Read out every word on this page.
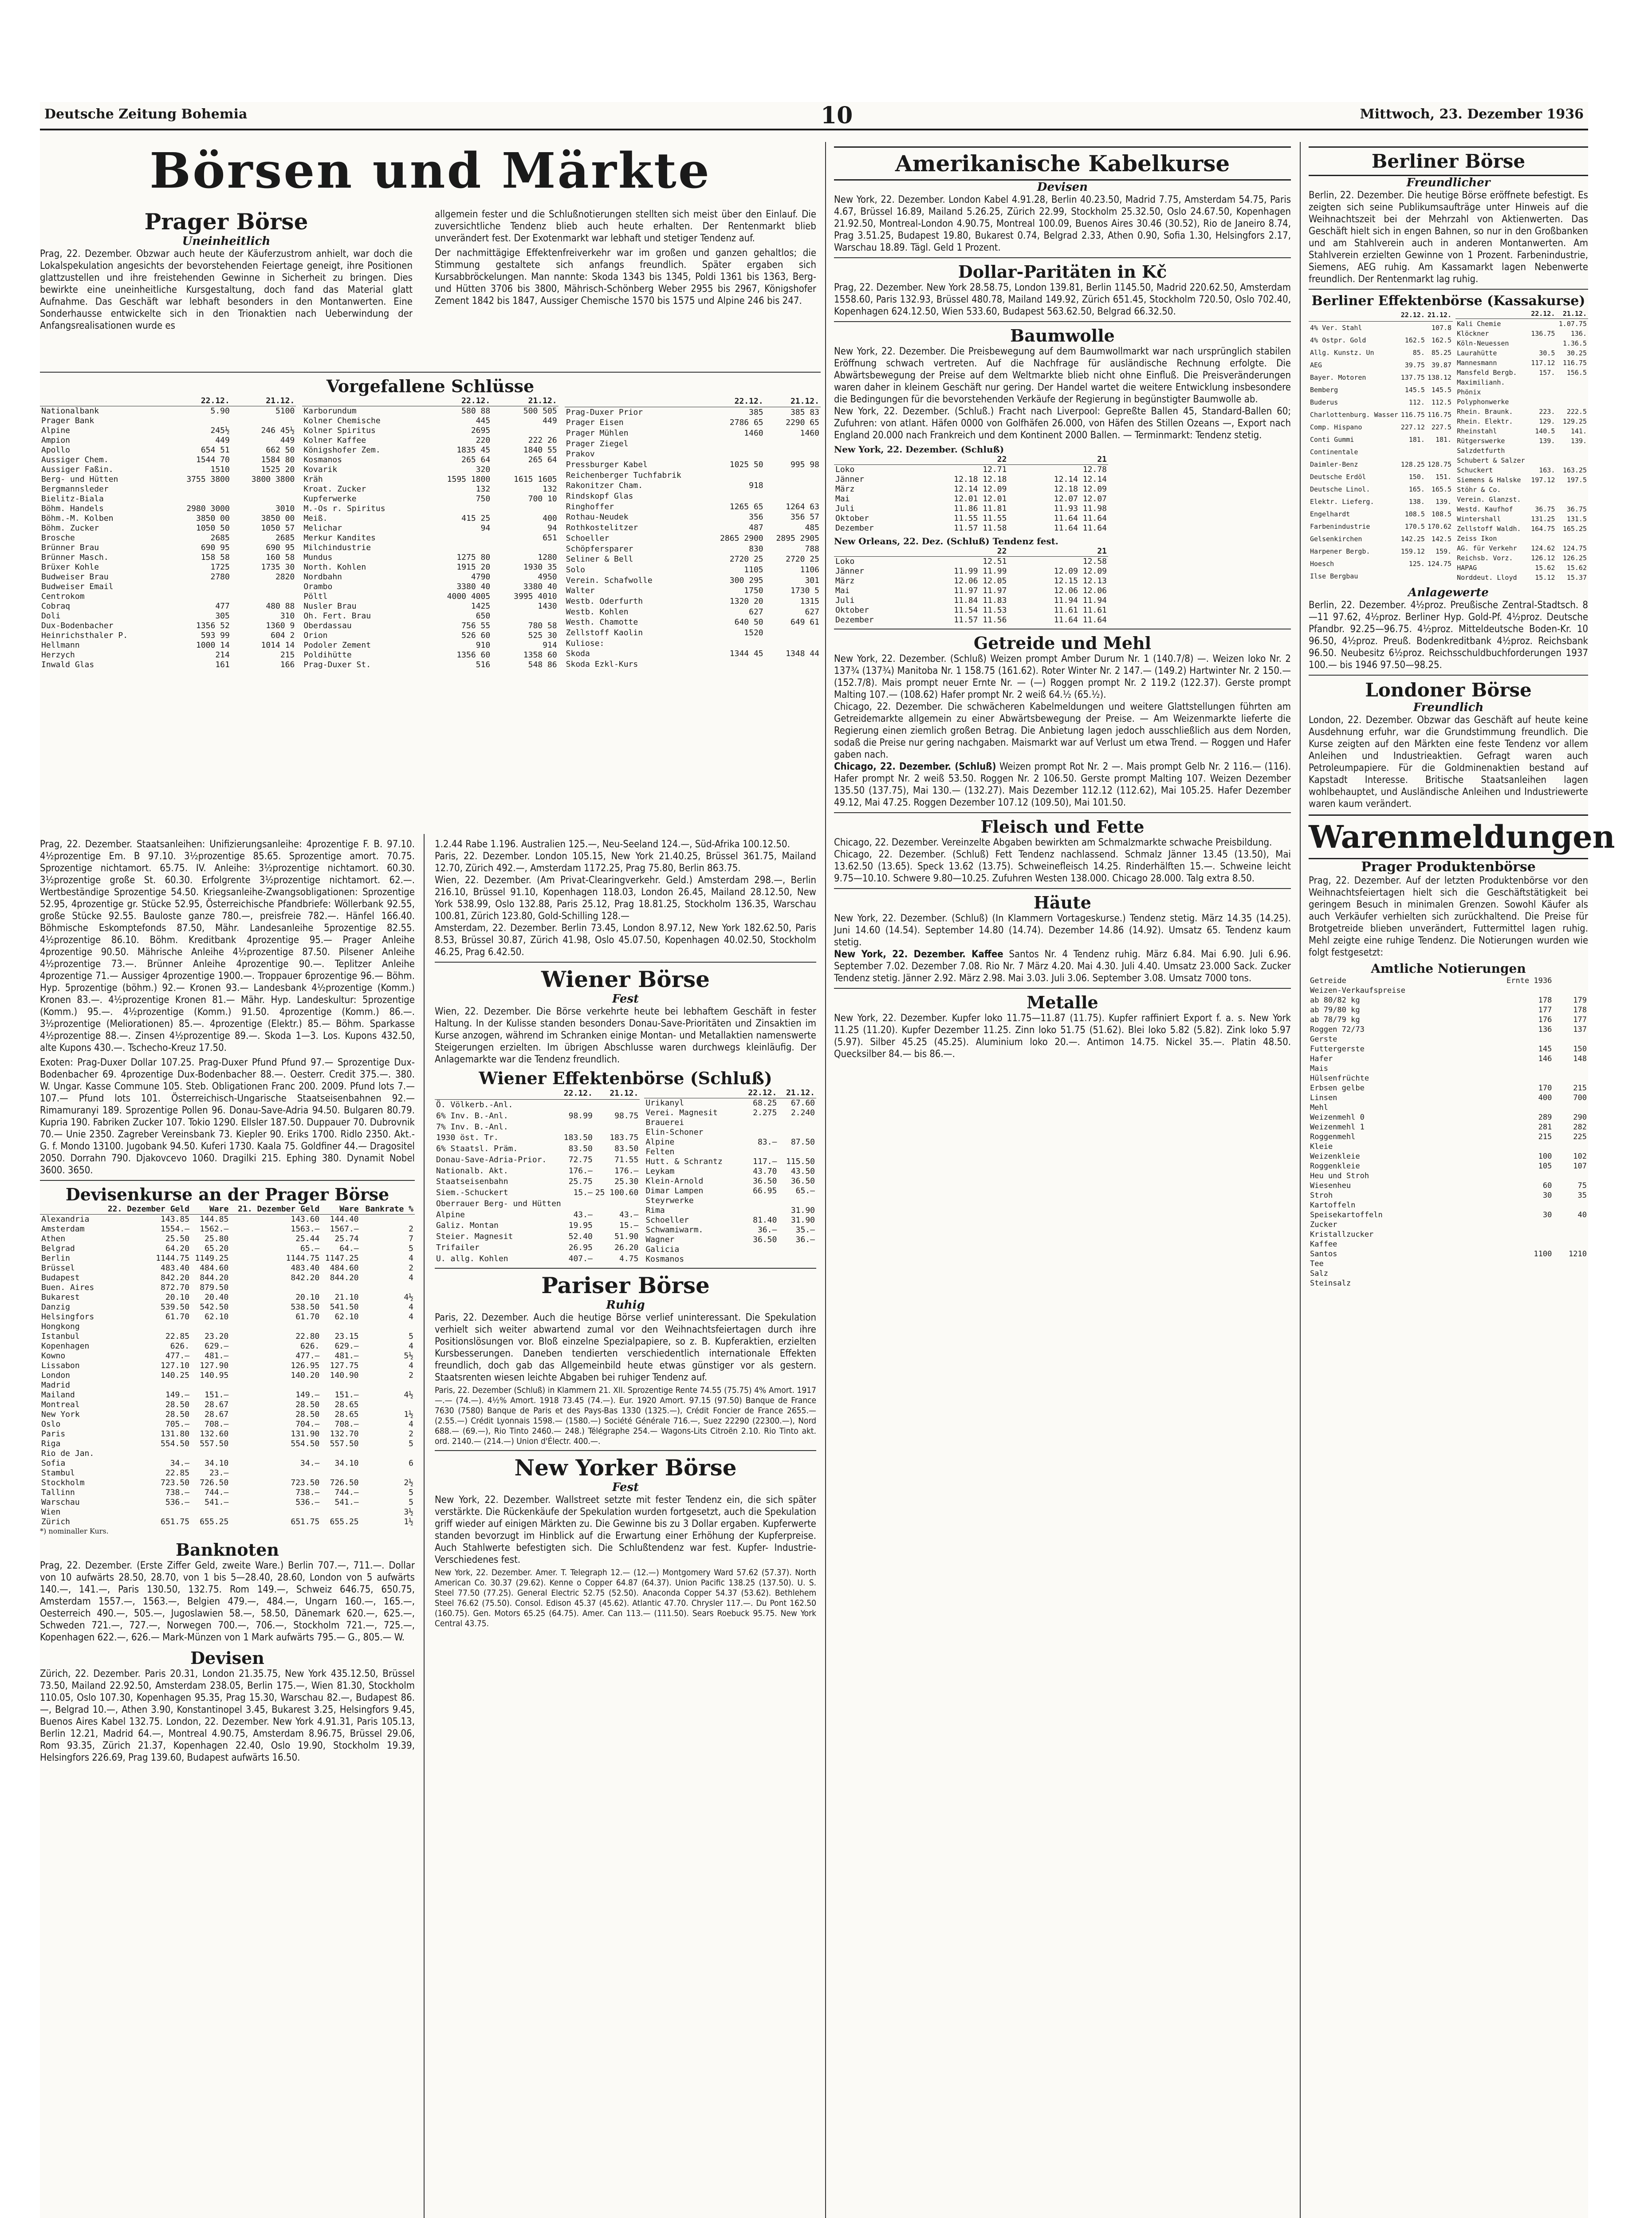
Deutsche Zeitung Bohemia	10	Mittwoch, 23. Dezember 1936
Börsen und Märkte
Prager Börse
Uneinheitlich

Prag, 22. Dezember. Obzwar auch heute der Käuferzustrom anhielt, war doch die Lokalspekulation angesichts der bevorstehenden Feiertage geneigt, ihre Positionen glattzustellen und ihre freistehenden Gewinne in Sicherheit zu bringen. Dies bewirkte eine uneinheitliche Kursgestaltung, doch fand das Material glatt Aufnahme. Das Geschäft war lebhaft besonders in den Montanwerten. Eine Sonderhausse entwickelte sich in den Trionaktien nach Ueberwindung der Anfangsrealisationen wurde es

allgemein fester und die Schlußnotierungen stellten sich meist über den Einlauf. Die zuversichtliche Tendenz blieb auch heute erhalten. Der Rentenmarkt blieb unverändert fest. Der Exotenmarkt war lebhaft und stetiger Tendenz auf.

Der nachmittägige Effektenfreiverkehr war im großen und ganzen gehaltlos; die Stimmung gestaltete sich anfangs freundlich. Später ergaben sich Kursabbröckelungen. Man nannte: Skoda 1343 bis 1345, Poldi 1361 bis 1363, Berg- und Hütten 3706 bis 3800, Mährisch-Schönberg Weber 2955 bis 2967, Königshofer Zement 1842 bis 1847, Aussiger Chemische 1570 bis 1575 und Alpine 246 bis 247.

Vorgefallene Schlüsse
	22.12.	21.12.
Nationalbank	5.90	5100
Prager Bank		
Alpine	245½	246 45½
Ampion	449	449
Apollo	654 51	662 50
Aussiger Chem.	1544 70	1584 80
Aussiger Faßin.	1510	1525 20
Berg- und Hütten	3755 3800	3800 3800
Bergmannsleder		
Bielitz-Biala		
Böhm. Handels	2980 3000	3010
Böhm.-M. Kolben	3850 00	3850 00
Böhm. Zucker	1050 50	1050 57
Brosche	2685	2685
Brünner Brau	690 95	690 95
Brünner Masch.	158 58	160 58
Brüxer Kohle	1725	1735 30
Budweiser Brau	2780	2820
Budweiser Email		
Centrokom		
Cobraq	477	480 88
Doli	305	310
Dux-Bodenbacher	1356 52	1360 9
Heinrichsthaler P.	593 99	604 2
Hellmann	1000 14	1014 14
Herzych	214	215
Inwald Glas	161	166
	22.12.	21.12.
Karborundum	580 88	500 505
Kolner Chemische	445	449
Kolner Spiritus	2695	
Kolner Kaffee	220	222 26
Königshofer Zem.	1835 45	1840 55
Kosmanos	265 64	265 64
Kovarik	320	
Kräh	1595 1800	1615 1605
Kroat. Zucker	132	132
Kupferwerke	750	700 10
M.-Os r. Spiritus		
Meiß.	415 25	400
Melichar	94	94
Merkur Kandites		651
Milchindustrie		
Mundus	1275 80	1280
North. Kohlen	1915 20	1930 35
Nordbahn	4790	4950
Orambo	3380 40	3380 40
Pöltl	4000 4005	3995 4010
Nusler Brau	1425	1430
Oh. Fert. Brau	650	
Oberdassau	756 55	780 58
Orion	526 60	525 30
Podoler Zement	910	914
Poldihütte	1356 60	1358 60
Prag-Duxer St.	516	548 86
	22.12.	21.12.
Prag-Duxer Prior	385	385 83
Prager Eisen	2786 65	2290 65
Prager Mühlen	1460	1460
Prager Ziegel		
Prakov		
Pressburger Kabel	1025 50	995 98
Reichenberger Tuchfabrik		
Rakonitzer Cham.	918	
Rindskopf Glas		
Ringhoffer	1265 65	1264 63
Rothau-Neudek	356	356 57
Rothkostelitzer	487	485
Schoeller	2865 2900	2895 2905
Schöpfersparer	830	788
Seliner & Bell	2720 25	2720 25
Solo	1105	1106
Verein. Schafwolle	300 295	301
Walter	1750	1730 5
Westb. Oderfurth	1320 20	1315
Westb. Kohlen	627	627
Westh. Chamotte	640 50	649 61
Zellstoff Kaolin	1520	
Kuliose:		
Skoda	1344 45	1348 44
Skoda Ezkl-Kurs		

Prag, 22. Dezember. Staatsanleihen: Unifizierungsanleihe: 4prozentige F. B. 97.10. 4½prozentige Em. B 97.10. 3½prozentige 85.65. Sprozentige amort. 70.75. Sprozentige nichtamort. 65.75. IV. Anleihe: 3½prozentige nichtamort. 60.30. 3½prozentige große St. 60.30. Erfolgrente 3½prozentige nichtamort. 62.—. Wertbeständige Sprozentige 54.50. Kriegsanleihe-Zwangsobligationen: Sprozentige 52.95, 4prozentige gr. Stücke 52.95, Österreichische Pfandbriefe: Wöllerbank 92.55, große Stücke 92.55. Bauloste ganze 780.—, preisfreie 782.—. Hänfel 166.40. Böhmische Eskomptefonds 87.50, Mähr. Landesanleihe 5prozentige 82.55. 4½prozentige 86.10. Böhm. Kreditbank 4prozentige 95.— Prager Anleihe 4prozentige 90.50. Mährische Anleihe 4½prozentige 87.50. Pilsener Anleihe 4½prozentige 73.—. Brünner Anleihe 4prozentige 90.—. Teplitzer Anleihe 4prozentige 71.— Aussiger 4prozentige 1900.—. Troppauer 6prozentige 96.— Böhm. Hyp. 5prozentige (böhm.) 92.— Kronen 93.— Landesbank 4½prozentige (Komm.) Kronen 83.—. 4½prozentige Kronen 81.— Mähr. Hyp. Landeskultur: 5prozentige (Komm.) 95.—. 4½prozentige (Komm.) 91.50. 4prozentige (Komm.) 86.—. 3½prozentige (Meliorationen) 85.—. 4prozentige (Elektr.) 85.— Böhm. Sparkasse 4½prozentige 88.—. Zinsen 4½prozentige 89.—. Skoda 1—3. Los. Kupons 432.50, alte Kupons 430.—. Tschecho-Kreuz 17.50.

Exoten: Prag-Duxer Dollar 107.25. Prag-Duxer Pfund Pfund 97.— Sprozentige Dux-Bodenbacher 69. 4prozentige Dux-Bodenbacher 88.—. Oesterr. Credit 375.—. 380. W. Ungar. Kasse Commune 105. Steb. Obligationen Franc 200. 2009. Pfund lots 7.— 107.— Pfund lots 101. Österreichisch-Ungarische Staatseisenbahnen 92.— Rimamuranyi 189. Sprozentige Pollen 96. Donau-Save-Adria 94.50. Bulgaren 80.79. Kupria 190. Fabriken Zucker 107. Tokio 1290. Ellsler 187.50. Duppauer 70. Dubrovnik 70.— Unie 2350. Zagreber Vereinsbank 73. Kiepler 90. Eriks 1700. Ridlo 2350. Akt.-G. f. Mondo 13100. Jugobank 94.50. Kuferi 1730. Kaala 75. Goldfiner 44.— Dragositel 2050. Dorrahn 790. Djakovcevo 1060. Dragilki 215. Ephing 380. Dynamit Nobel 3600. 3650.

Devisenkurse an der Prager Börse
	22. Dezember Geld	Ware	21. Dezember Geld	Ware	Bankrate %
Alexandria	143.85	144.85	143.60	144.40	
Amsterdam	1554.—	1562.—	1563.—	1567.—	2
Athen	25.50	25.80	25.44	25.74	7
Belgrad	64.20	65.20	65.—	64.—	5
Berlin	1144.75	1149.25	1144.75	1147.25	4
Brüssel	483.40	484.60	483.40	484.60	2
Budapest	842.20	844.20	842.20	844.20	4
Buen. Aires	872.70	879.50			
Bukarest	20.10	20.40	20.10	21.10	4½
Danzig	539.50	542.50	538.50	541.50	4
Helsingfors	61.70	62.10	61.70	62.10	4
Hongkong					
Istanbul	22.85	23.20	22.80	23.15	5
Kopenhagen	626.	629.—	626.	629.—	4
Kowno	477.—	481.—	477.—	481.—	5½
Lissabon	127.10	127.90	126.95	127.75	4
London	140.25	140.95	140.20	140.90	2
Madrid					
Mailand	149.—	151.—	149.—	151.—	4½
Montreal	28.50	28.67	28.50	28.65	
New York	28.50	28.67	28.50	28.65	1½
Oslo	705.—	708.—	704.—	708.—	4
Paris	131.80	132.60	131.90	132.70	2
Riga	554.50	557.50	554.50	557.50	5
Rio de Jan.					
Sofia	34.—	34.10	34.—	34.10	6
Stambul	22.85	23.—			
Stockholm	723.50	726.50	723.50	726.50	2½
Tallinn	738.—	744.—	738.—	744.—	5
Warschau	536.—	541.—	536.—	541.—	5
Wien					3½
Zürich	651.75	655.25	651.75	655.25	1½
*) nominaller Kurs.
Banknoten

Prag, 22. Dezember. (Erste Ziffer Geld, zweite Ware.) Berlin 707.—, 711.—. Dollar von 10 aufwärts 28.50, 28.70, von 1 bis 5—28.40, 28.60, London von 5 aufwärts 140.—, 141.—, Paris 130.50, 132.75. Rom 149.—, Schweiz 646.75, 650.75, Amsterdam 1557.—, 1563.—, Belgien 479.—, 484.—, Ungarn 160.—, 165.—, Oesterreich 490.—, 505.—, Jugoslawien 58.—, 58.50, Dänemark 620.—, 625.—, Schweden 721.—, 727.—, Norwegen 700.—, 706.—, Stockholm 721.—, 725.—, Kopenhagen 622.—, 626.— Mark-Münzen von 1 Mark aufwärts 795.— G., 805.— W.

Devisen

Zürich, 22. Dezember. Paris 20.31, London 21.35.75, New York 435.12.50, Brüssel 73.50, Mailand 22.92.50, Amsterdam 238.05, Berlin 175.—, Wien 81.30, Stockholm 110.05, Oslo 107.30, Kopenhagen 95.35, Prag 15.30, Warschau 82.—, Budapest 86.—, Belgrad 10.—, Athen 3.90, Konstantinopel 3.45, Bukarest 3.25, Helsingfors 9.45, Buenos Aires Kabel 132.75. London, 22. Dezember. New York 4.91.31, Paris 105.13, Berlin 12.21, Madrid 64.—, Montreal 4.90.75, Amsterdam 8.96.75, Brüssel 29.06, Rom 93.35, Zürich 21.37, Kopenhagen 22.40, Oslo 19.90, Stockholm 19.39, Helsingfors 226.69, Prag 139.60, Budapest aufwärts 16.50.

1.2.44 Rabe 1.196. Australien 125.—, Neu-Seeland 124.—, Süd-Afrika 100.12.50.

Paris, 22. Dezember. London 105.15, New York 21.40.25, Brüssel 361.75, Mailand 12.70, Zürich 492.—, Amsterdam 1172.25, Prag 75.80, Berlin 863.75.

Wien, 22. Dezember. (Am Privat-Clearingverkehr. Geld.) Amsterdam 298.—, Berlin 216.10, Brüssel 91.10, Kopenhagen 118.03, London 26.45, Mailand 28.12.50, New York 538.99, Oslo 132.88, Paris 25.12, Prag 18.81.25, Stockholm 136.35, Warschau 100.81, Zürich 123.80, Gold-Schilling 128.—

Amsterdam, 22. Dezember. Berlin 73.45, London 8.97.12, New York 182.62.50, Paris 8.53, Brüssel 30.87, Zürich 41.98, Oslo 45.07.50, Kopenhagen 40.02.50, Stockholm 46.25, Prag 6.42.50.

Wiener Börse
Fest

Wien, 22. Dezember. Die Börse verkehrte heute bei lebhaftem Geschäft in fester Haltung. In der Kulisse standen besonders Donau-Save-Prioritäten und Zinsaktien im Kurse anzogen, während im Schranken einige Montan- und Metallaktien namenswerte Steigerungen erzielten. Im übrigen Abschlusse waren durchwegs kleinläufig. Der Anlagemarkte war die Tendenz freundlich.

Wiener Effektenbörse (Schluß)
	22.12.	21.12.
Ö. Völkerb.-Anl.		
6% Inv. B.-Anl.	98.99	98.75
7% Inv. B.-Anl.		
1930 öst. Tr.	183.50	183.75
6% Staatsl. Präm.	83.50	83.50
Donau-Save-Adria-Prior.	72.75	71.55
Nationalb. Akt.	176.—	176.—
Staatseisenbahn	25.75	25.30
Siem.-Schuckert	15.—	25 100.60
Oberrauer Berg- und Hütten		
Alpine	43.—	43.—
Galiz. Montan	19.95	15.—
Steier. Magnesit	52.40	51.90
Trifailer	26.95	26.20
U. allg. Kohlen	407.—	4.75
	22.12.	21.12.
Urikanyl	68.25	67.60
Verei. Magnesit	2.275	2.240
Brauerei		
Elin-Schoner		
Alpine	83.—	87.50
Felten		
Hutt. & Schrantz	117.—	115.50
Leykam	43.70	43.50
Klein-Arnold	36.50	36.50
Dimar Lampen	66.95	65.—
Steyrwerke		
Rima		31.90
Schoeller	81.40	31.90
Schwamiwarm.	36.—	35.—
Wagner	36.50	36.—
Galicia		
Kosmanos		
Pariser Börse
Ruhig

Paris, 22. Dezember. Auch die heutige Börse verlief uninteressant. Die Spekulation verhielt sich weiter abwartend zumal vor den Weihnachtsfeiertagen durch ihre Positionslösungen vor. Bloß einzelne Spezialpapiere, so z. B. Kupferaktien, erzielten Kursbesserungen. Daneben tendierten verschiedentlich internationale Effekten freundlich, doch gab das Allgemeinbild heute etwas günstiger vor als gestern. Staatsrenten wiesen leichte Abgaben bei ruhiger Tendenz auf.

Paris, 22. Dezember (Schluß) in Klammern 21. XII. Sprozentige Rente 74.55 (75.75) 4% Amort. 1917 —.— (74.—). 4½% Amort. 1918 73.45 (74.—). Eur. 1920 Amort. 97.15 (97.50) Banque de France 7630 (7580) Banque de Paris et des Pays-Bas 1330 (1325.—), Crédit Foncier de France 2655.— (2.55.—) Crédit Lyonnais 1598.— (1580.—) Société Générale 716.—, Suez 22290 (22300.—), Nord 688.— (69.—), Rio Tinto 2460.— 248.) Télégraphe 254.— Wagons-Lits Citroën 2.10. Rio Tinto akt. ord. 2140.— (214.—) Union d'Électr. 400.—.

New Yorker Börse
Fest

New York, 22. Dezember. Wallstreet setzte mit fester Tendenz ein, die sich später verstärkte. Die Rückenkäufe der Spekulation wurden fortgesetzt, auch die Spekulation griff wieder auf einigen Märkten zu. Die Gewinne bis zu 3 Dollar ergaben. Kupferwerte standen bevorzugt im Hinblick auf die Erwartung einer Erhöhung der Kupferpreise. Auch Stahlwerte befestigten sich. Die Schlußtendenz war fest. Kupfer- Industrie-Verschiedenes fest.

New York, 22. Dezember. Amer. T. Telegraph 12.— (12.—) Montgomery Ward 57.62 (57.37). North American Co. 30.37 (29.62). Kenne o Copper 64.87 (64.37). Union Pacific 138.25 (137.50). U. S. Steel 77.50 (77.25). General Electric 52.75 (52.50). Anaconda Copper 54.37 (53.62). Bethlehem Steel 76.62 (75.50). Consol. Edison 45.37 (45.62). Atlantic 47.70. Chrysler 117.—. Du Pont 162.50 (160.75). Gen. Motors 65.25 (64.75). Amer. Can 113.— (111.50). Sears Roebuck 95.75. New York Central 43.75.

Amerikanische Kabelkurse
Devisen

New York, 22. Dezember. London Kabel 4.91.28, Berlin 40.23.50, Madrid 7.75, Amsterdam 54.75, Paris 4.67, Brüssel 16.89, Mailand 5.26.25, Zürich 22.99, Stockholm 25.32.50, Oslo 24.67.50, Kopenhagen 21.92.50, Montreal-London 4.90.75, Montreal 100.09, Buenos Aires 30.46 (30.52), Rio de Janeiro 8.74, Prag 3.51.25, Budapest 19.80, Bukarest 0.74, Belgrad 2.33, Athen 0.90, Sofia 1.30, Helsingfors 2.17, Warschau 18.89. Tägl. Geld 1 Prozent.

Dollar-Paritäten in Kč

Prag, 22. Dezember. New York 28.58.75, London 139.81, Berlin 1145.50, Madrid 220.62.50, Amsterdam 1558.60, Paris 132.93, Brüssel 480.78, Mailand 149.92, Zürich 651.45, Stockholm 720.50, Oslo 702.40, Kopenhagen 624.12.50, Wien 533.60, Budapest 563.62.50, Belgrad 66.32.50.

Baumwolle

New York, 22. Dezember. Die Preisbewegung auf dem Baumwollmarkt war nach ursprünglich stabilen Eröffnung schwach vertreten. Auf die Nachfrage für ausländische Rechnung erfolgte. Die Abwärtsbewegung der Preise auf dem Weltmarkte blieb nicht ohne Einfluß. Die Preisveränderungen waren daher in kleinem Geschäft nur gering. Der Handel wartet die weitere Entwicklung insbesondere die Bedingungen für die bevorstehenden Verkäufe der Regierung in begünstigter Baumwolle ab.

New York, 22. Dezember. (Schluß.) Fracht nach Liverpool: Gepreßte Ballen 45, Standard-Ballen 60; Zufuhren: von atlant. Häfen 0000 von Golfhäfen 26.000, von Häfen des Stillen Ozeans —, Export nach England 20.000 nach Frankreich und dem Kontinent 2000 Ballen. — Terminmarkt: Tendenz stetig.

New York, 22. Dezember. (Schluß)
	22	21
Loko	12.71	12.78
Jänner	12.18 12.18	12.14 12.14
März	12.14 12.09	12.18 12.09
Mai	12.01 12.01	12.07 12.07
Juli	11.86 11.81	11.93 11.98
Oktober	11.55 11.55	11.64 11.64
Dezember	11.57 11.58	11.64 11.64
New Orleans, 22. Dez. (Schluß) Tendenz fest.
	22	21
Loko	12.51	12.58
Jänner	11.99 11.99	12.09 12.09
März	12.06 12.05	12.15 12.13
Mai	11.97 11.97	12.06 12.06
Juli	11.84 11.83	11.94 11.94
Oktober	11.54 11.53	11.61 11.61
Dezember	11.57 11.56	11.64 11.64
Getreide und Mehl

New York, 22. Dezember. (Schluß) Weizen prompt Amber Durum Nr. 1 (140.7/8) —. Weizen loko Nr. 2 137¾ (137¾) Manitoba Nr. 1 158.75 (161.62). Roter Winter Nr. 2 147.— (149.2) Hartwinter Nr. 2 150.— (152.7/8). Mais prompt neuer Ernte Nr. — (—) Roggen prompt Nr. 2 119.2 (122.37). Gerste prompt Malting 107.— (108.62) Hafer prompt Nr. 2 weiß 64.½ (65.½).

Chicago, 22. Dezember. Die schwächeren Kabelmeldungen und weitere Glattstellungen führten am Getreidemarkte allgemein zu einer Abwärtsbewegung der Preise. — Am Weizenmarkte lieferte die Regierung einen ziemlich großen Betrag. Die Anbietung lagen jedoch ausschließlich aus dem Norden, sodaß die Preise nur gering nachgaben. Maismarkt war auf Verlust um etwa Trend. — Roggen und Hafer gaben nach.

Chicago, 22. Dezember. (Schluß) Weizen prompt Rot Nr. 2 —. Mais prompt Gelb Nr. 2 116.— (116). Hafer prompt Nr. 2 weiß 53.50. Roggen Nr. 2 106.50. Gerste prompt Malting 107. Weizen Dezember 135.50 (137.75), Mai 130.— (132.27). Mais Dezember 112.12 (112.62), Mai 105.25. Hafer Dezember 49.12, Mai 47.25. Roggen Dezember 107.12 (109.50), Mai 101.50.

Fleisch und Fette

Chicago, 22. Dezember. Vereinzelte Abgaben bewirkten am Schmalzmarkte schwache Preisbildung.

Chicago, 22. Dezember. (Schluß) Fett Tendenz nachlassend. Schmalz Jänner 13.45 (13.50), Mai 13.62.50 (13.65). Speck 13.62 (13.75). Schweinefleisch 14.25. Rinderhälften 15.—. Schweine leicht 9.75—10.10. Schwere 9.80—10.25. Zufuhren Westen 138.000. Chicago 28.000. Talg extra 8.50.

Häute

New York, 22. Dezember. (Schluß) (In Klammern Vortageskurse.) Tendenz stetig. März 14.35 (14.25). Juni 14.60 (14.54). September 14.80 (14.74). Dezember 14.86 (14.92). Umsatz 65. Tendenz kaum stetig.

New York, 22. Dezember. Kaffee Santos Nr. 4 Tendenz ruhig. März 6.84. Mai 6.90. Juli 6.96. September 7.02. Dezember 7.08. Rio Nr. 7 März 4.20. Mai 4.30. Juli 4.40. Umsatz 23.000 Sack. Zucker Tendenz stetig. Jänner 2.92. März 2.98. Mai 3.03. Juli 3.06. September 3.08. Umsatz 7000 tons.

Metalle

New York, 22. Dezember. Kupfer loko 11.75—11.87 (11.75). Kupfer raffiniert Export f. a. s. New York 11.25 (11.20). Kupfer Dezember 11.25. Zinn loko 51.75 (51.62). Blei loko 5.82 (5.82). Zink loko 5.97 (5.97). Silber 45.25 (45.25). Aluminium loko 20.—. Antimon 14.75. Nickel 35.—. Platin 48.50. Quecksilber 84.— bis 86.—.

Berliner Börse
Freundlicher

Berlin, 22. Dezember. Die heutige Börse eröffnete befestigt. Es zeigten sich seine Publikumsaufträge unter Hinweis auf die Weihnachtszeit bei der Mehrzahl von Aktienwerten. Das Geschäft hielt sich in engen Bahnen, so nur in den Großbanken und am Stahlverein auch in anderen Montanwerten. Am Stahlverein erzielten Gewinne von 1 Prozent. Farbenindustrie, Siemens, AEG ruhig. Am Kassamarkt lagen Nebenwerte freundlich. Der Rentenmarkt lag ruhig.

Berliner Effektenbörse (Kassakurse)
	22.12.	21.12.
4% Ver. Stahl		107.8
4% Ostpr. Gold	162.5	162.5
Allg. Kunstz. Un	85.	85.25
AEG	39.75	39.87
Bayer. Motoren	137.75	138.12
Bemberg	145.5	145.5
Buderus	112.	112.5
Charlottenburg. Wasser	116.75	116.75
Comp. Hispano	227.12	227.5
Conti Gummi	181.	181.
Continentale		
Daimler-Benz	128.25	128.75
Deutsche Erdöl	150.	151.
Deutsche Linol.	165.	165.5
Elektr. Lieferg.	138.	139.
Engelhardt	108.5	108.5
Farbenindustrie	170.5	170.62
Gelsenkirchen	142.25	142.5
Harpener Bergb.	159.12	159.
Hoesch	125.	124.75
Ilse Bergbau		
	22.12.	21.12.
Kali Chemie		1.07.75
Klöckner	136.75	136.
Köln-Neuessen		1.36.5
Laurahütte	30.5	30.25
Mannesmann	117.12	116.75
Mansfeld Bergb.	157.	156.5
Maximilianh.		
Phönix		
Polyphonwerke		
Rhein. Braunk.	223.	222.5
Rhein. Elektr.	129.	129.25
Rheinstahl	140.5	141.
Rütgerswerke	139.	139.
Salzdetfurth		
Schubert & Salzer		
Schuckert	163.	163.25
Siemens & Halske	197.12	197.5
Stöhr & Co.		
Verein. Glanzst.		
Westd. Kaufhof	36.75	36.75
Wintershall	131.25	131.5
Zellstoff Waldh.	164.75	165.25
Zeiss Ikon		
AG. für Verkehr	124.62	124.75
Reichsb. Vorz.	126.12	126.25
HAPAG	15.62	15.62
Norddeut. Lloyd	15.12	15.37
Anlagewerte

Berlin, 22. Dezember. 4½proz. Preußische Zentral-Stadtsch. 8—11 97.62, 4½proz. Berliner Hyp. Gold-Pf. 4½proz. Deutsche Pfandbr. 92.25—96.75. 4½proz. Mitteldeutsche Boden-Kr. 10 96.50, 4½proz. Preuß. Bodenkreditbank 4½proz. Reichsbank 96.50. Neubesitz 6½proz. Reichsschuldbuchforderungen 1937 100.— bis 1946 97.50—98.25.

Londoner Börse
Freundlich

London, 22. Dezember. Obzwar das Geschäft auf heute keine Ausdehnung erfuhr, war die Grundstimmung freundlich. Die Kurse zeigten auf den Märkten eine feste Tendenz vor allem Anleihen und Industrieaktien. Gefragt waren auch Petroleumpapiere. Für die Goldminenaktien bestand auf Kapstadt Interesse. Britische Staatsanleihen lagen wohlbehauptet, und Ausländische Anleihen und Industriewerte waren kaum verändert.

Warenmeldungen
Prager Produktenbörse

Prag, 22. Dezember. Auf der letzten Produktenbörse vor den Weihnachtsfeiertagen hielt sich die Geschäftstätigkeit bei geringem Besuch in minimalen Grenzen. Sowohl Käufer als auch Verkäufer verhielten sich zurückhaltend. Die Preise für Brotgetreide blieben unverändert, Futtermittel lagen ruhig. Mehl zeigte eine ruhige Tendenz. Die Notierungen wurden wie folgt festgesetzt:

Amtliche Notierungen
Getreide	Ernte 1936	
Weizen-Verkaufspreise		
ab 80/82 kg	178	179
ab 79/80 kg	177	178
ab 78/79 kg	176	177
Roggen 72/73	136	137
Gerste		
Futtergerste	145	150
Hafer	146	148
Mais		
Hülsenfrüchte		
Erbsen gelbe	170	215
Linsen	400	700
Mehl		
Weizenmehl 0	289	290
Weizenmehl 1	281	282
Roggenmehl	215	225
Kleie		
Weizenkleie	100	102
Roggenkleie	105	107
Heu und Stroh		
Wiesenheu	60	75
Stroh	30	35
Kartoffeln		
Speisekartoffeln	30	40
Zucker		
Kristallzucker		
Kaffee		
Santos	1100	1210
Tee		
Salz		
Steinsalz		
